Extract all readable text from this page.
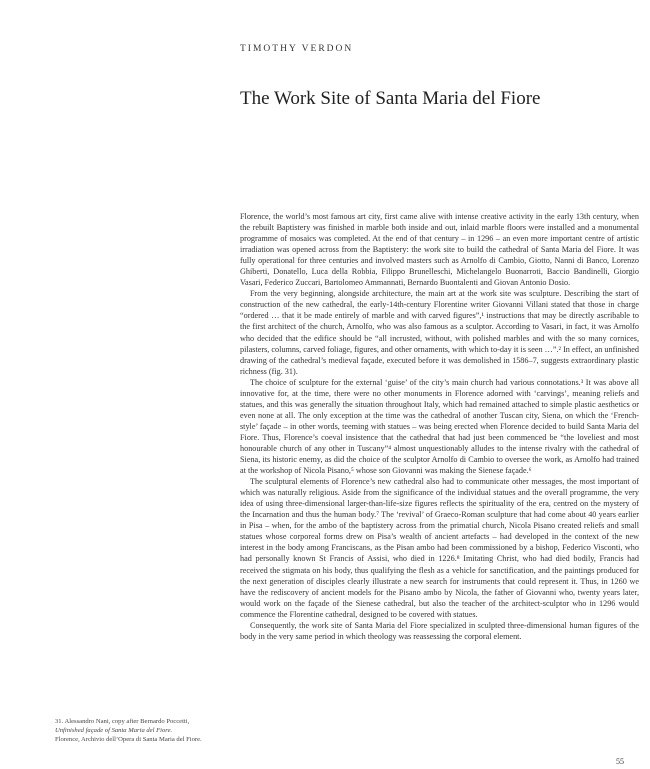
TIMOTHY VERDON
The Work Site of Santa Maria del Fiore

Florence, the world’s most famous art city, first came alive with intense creative activity in the early 13th century, when the rebuilt Baptistery was finished in marble both inside and out, inlaid marble floors were installed and a monumental programme of mosaics was completed. At the end of that century – in 1296 – an even more important centre of artistic irradiation was opened across from the Baptistery: the work site to build the cathedral of Santa Maria del Fiore. It was fully operational for three centuries and involved masters such as Arnolfo di Cambio, Giotto, Nanni di Banco, Lorenzo Ghiberti, Donatello, Luca della Robbia, Filippo Brunelleschi, Michelangelo Buonarroti, Baccio Bandinelli, Giorgio Vasari, Federico Zuccari, Bartolomeo Ammannati, Bernardo Buontalenti and Giovan Antonio Dosio.

From the very beginning, alongside architecture, the main art at the work site was sculpture. Describing the start of construction of the new cathedral, the early-14th-century Florentine writer Giovanni Villani stated that those in charge “ordered … that it be made entirely of marble and with carved figures”,¹ instructions that may be directly ascribable to the first architect of the church, Arnolfo, who was also famous as a sculptor. According to Vasari, in fact, it was Arnolfo who decided that the edifice should be “all incrusted, without, with polished marbles and with the so many cornices, pilasters, columns, carved foliage, figures, and other ornaments, with which to-day it is seen …”.² In effect, an unfinished drawing of the cathedral’s medieval façade, executed before it was demolished in 1586–7, suggests extraordinary plastic richness (fig. 31).

The choice of sculpture for the external ‘guise’ of the city’s main church had various connotations.³ It was above all innovative for, at the time, there were no other monuments in Florence adorned with ‘carvings’, meaning reliefs and statues, and this was generally the situation throughout Italy, which had remained attached to simple plastic aesthetics or even none at all. The only exception at the time was the cathedral of another Tuscan city, Siena, on which the ‘French-style’ façade – in other words, teeming with statues – was being erected when Florence decided to build Santa Maria del Fiore. Thus, Florence’s coeval insistence that the cathedral that had just been commenced be “the loveliest and most honourable church of any other in Tuscany”⁴ almost unquestionably alludes to the intense rivalry with the cathedral of Siena, its historic enemy, as did the choice of the sculptor Arnolfo di Cambio to oversee the work, as Arnolfo had trained at the workshop of Nicola Pisano,⁵ whose son Giovanni was making the Sienese façade.⁶

The sculptural elements of Florence’s new cathedral also had to communicate other messages, the most important of which was naturally religious. Aside from the significance of the individual statues and the overall programme, the very idea of using three-dimensional larger-than-life-size figures reflects the spirituality of the era, centred on the mystery of the Incarnation and thus the human body.⁷ The ‘revival’ of Graeco-Roman sculpture that had come about 40 years earlier in Pisa – when, for the ambo of the baptistery across from the primatial church, Nicola Pisano created reliefs and small statues whose corporeal forms drew on Pisa’s wealth of ancient artefacts – had developed in the context of the new interest in the body among Franciscans, as the Pisan ambo had been commissioned by a bishop, Federico Visconti, who had personally known St Francis of Assisi, who died in 1226.⁸ Imitating Christ, who had died bodily, Francis had received the stigmata on his body, thus qualifying the flesh as a vehicle for sanctification, and the paintings produced for the next generation of disciples clearly illustrate a new search for instruments that could represent it. Thus, in 1260 we have the rediscovery of ancient models for the Pisano ambo by Nicola, the father of Giovanni who, twenty years later, would work on the façade of the Sienese cathedral, but also the teacher of the architect-sculptor who in 1296 would commence the Florentine cathedral, designed to be covered with statues.

Consequently, the work site of Santa Maria del Fiore specialized in sculpted three-dimensional human figures of the body in the very same period in which theology was reassessing the corporal element.

31. Alessandro Nani, copy after Bernardo Poccetti,
Unfinished façade of Santa Maria del Fiore.
Florence, Archivio dell’Opera di Santa Maria del Fiore.
55
